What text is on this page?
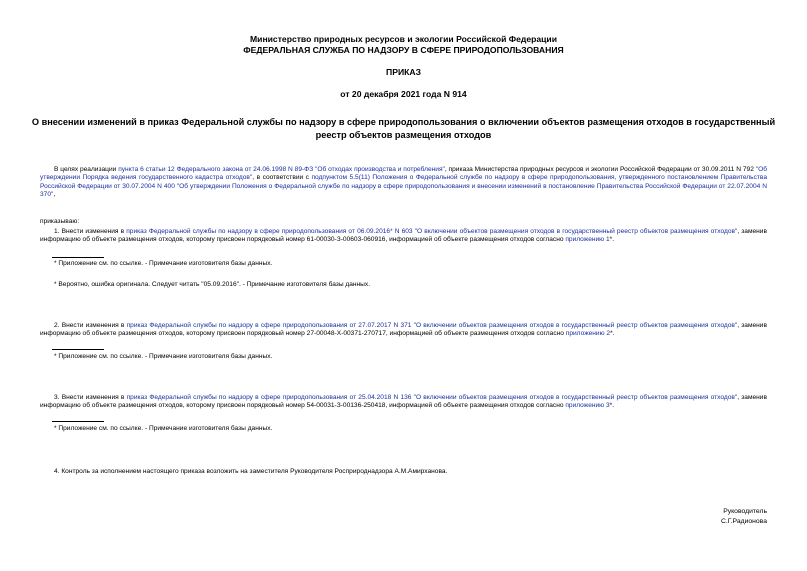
Министерство природных ресурсов и экологии Российской Федерации
ФЕДЕРАЛЬНАЯ СЛУЖБА ПО НАДЗОРУ В СФЕРЕ ПРИРОДОПОЛЬЗОВАНИЯ
ПРИКАЗ
от 20 декабря 2021 года N 914
О внесении изменений в приказ Федеральной службы по надзору в сфере природопользования о включении объектов размещения отходов в государственный реестр объектов размещения отходов
В целях реализации пункта 6 статьи 12 Федерального закона от 24.06.1998 N 89-ФЗ "Об отходах производства и потребления", приказа Министерства природных ресурсов и экологии Российской Федерации от 30.09.2011 N 792 "Об утверждении Порядка ведения государственного кадастра отходов", в соответствии с подпунктом 5.5(11) Положения о Федеральной службе по надзору в сфере природопользования, утвержденного постановлением Правительства Российской Федерации от 30.07.2004 N 400 "Об утверждении Положения о Федеральной службе по надзору в сфере природопользования и внесении изменений в постановление Правительства Российской Федерации от 22.07.2004 N 370",
приказываю:
1. Внести изменения в приказ Федеральной службы по надзору в сфере природопользования от 06.09.2016* N 603 "О включении объектов размещения отходов в государственный реестр объектов размещения отходов", заменив информацию об объекте размещения отходов, которому присвоен порядковый номер 61-00030-З-00603-060916, информацией об объекте размещения отходов согласно приложению 1*.
* Приложение см. по ссылке. - Примечание изготовителя базы данных.
* Вероятно, ошибка оригинала. Следует читать "05.09.2016". - Примечание изготовителя базы данных.
2. Внести изменения в приказ Федеральной службы по надзору в сфере природопользования от 27.07.2017 N 371 "О включении объектов размещения отходов в государственный реестр объектов размещения отходов", заменив информацию об объекте размещения отходов, которому присвоен порядковый номер 27-00048-Х-00371-270717, информацией об объекте размещения отходов согласно приложению 2*.
* Приложение см. по ссылке. - Примечание изготовителя базы данных.
3. Внести изменения в приказ Федеральной службы по надзору в сфере природопользования от 25.04.2018 N 136 "О включении объектов размещения отходов в государственный реестр объектов размещения отходов", заменив информацию об объекте размещения отходов, которому присвоен порядковый номер 54-00031-З-00136-250418, информацией об объекте размещения отходов согласно приложению 3*.
* Приложение см. по ссылке. - Примечание изготовителя базы данных.
4. Контроль за исполнением настоящего приказа возложить на заместителя Руководителя Росприроднадзора А.М.Амирханова.
Руководитель
С.Г.Радионова
